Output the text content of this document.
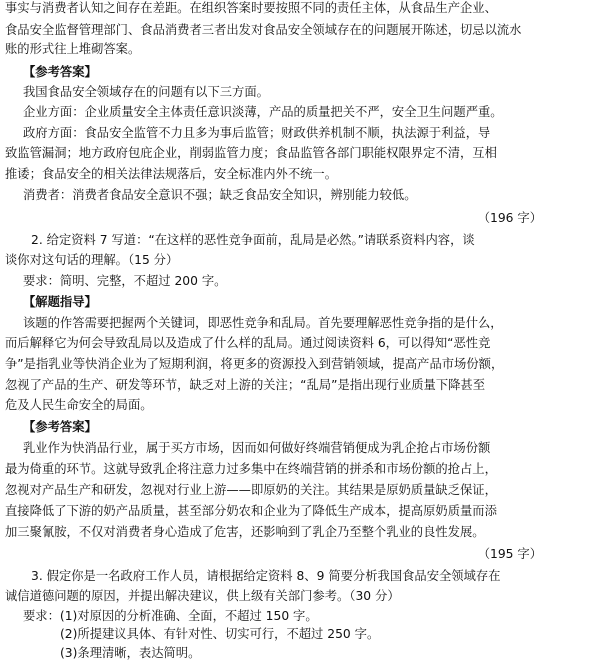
事实与消费者认知之间存在差距。在组织答案时要按照不同的责任主体，从食品生产企业、
食品安全监督管理部门、食品消费者三者出发对食品安全领域存在的问题展开陈述，切忌以流水
账的形式往上堆砌答案。
【参考答案】
我国食品安全领域存在的问题有以下三方面。
企业方面：企业质量安全主体责任意识淡薄，产品的质量把关不严，安全卫生问题严重。
政府方面：食品安全监管不力且多为事后监管；财政供养机制不顺，执法源于利益，导
致监管漏洞；地方政府包庇企业，削弱监管力度；食品监管各部门职能权限界定不清，互相
推诿；食品安全的相关法律法规落后，安全标准内外不统一。
消费者：消费者食品安全意识不强；缺乏食品安全知识，辨别能力较低。
（196 字）
2. 给定资料 7 写道：“在这样的恶性竞争面前，乱局是必然。”请联系资料内容，谈
谈你对这句话的理解。（15 分）
要求：简明、完整，不超过 200 字。
【解题指导】
该题的作答需要把握两个关键词，即恶性竞争和乱局。首先要理解恶性竞争指的是什么，
而后解释它为何会导致乱局以及造成了什么样的乱局。通过阅读资料 6，可以得知“恶性竞
争”是指乳业等快消企业为了短期利润，将更多的资源投入到营销领域，提高产品市场份额，
忽视了产品的生产、研发等环节，缺乏对上游的关注；“乱局”是指出现行业质量下降甚至
危及人民生命安全的局面。
【参考答案】
乳业作为快消品行业，属于买方市场，因而如何做好终端营销便成为乳企抢占市场份额
最为倚重的环节。这就导致乳企将注意力过多集中在终端营销的拼杀和市场份额的抢占上，
忽视对产品生产和研发，忽视对行业上游——即原奶的关注。其结果是原奶质量缺乏保证，
直接降低了下游的奶产品质量，甚至部分奶农和企业为了降低生产成本，提高原奶质量而添
加三聚氰胺，不仅对消费者身心造成了危害，还影响到了乳企乃至整个乳业的良性发展。
（195 字）
3. 假定你是一名政府工作人员，请根据给定资料 8、9 简要分析我国食品安全领域存在
诚信道德问题的原因，并提出解决建议，供上级有关部门参考。（30 分）
要求：(1)对原因的分析准确、全面，不超过 150 字。
(2)所提建议具体、有针对性、切实可行，不超过 250 字。
(3)条理清晰，表达简明。
